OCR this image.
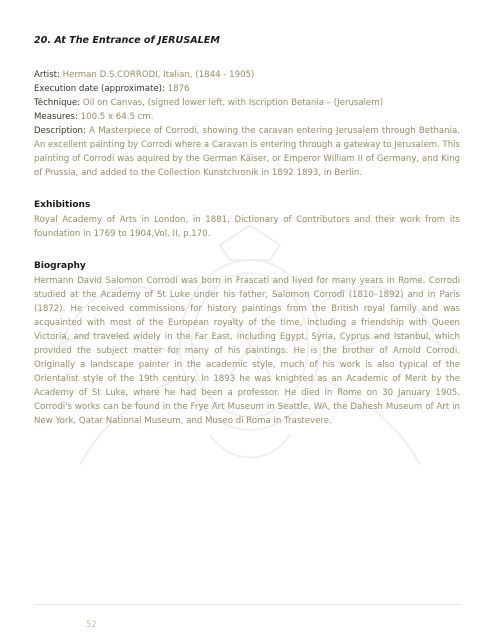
20. At The Entrance of JERUSALEM
Artist: Herman D.S.CORRODI, Italian, (1844 - 1905)
Execution date (approximate): 1876
Téchnique: Oil on Canvas, (signed lower left, with Iscription Betania – (Jerusalem)
Measures: 100.5 x 64.5 cm.

Description: A Masterpiece of Corrodi, showing the caravan entering Jerusalem through Bethania. An excellent painting by Corrodi where a Caravan is entering through a gateway to Jerusalem. This painting of Corrodi was aquired by the German Käiser, or Emperor William II of Germany, and King of Prussia, and added to the Collection Kunstchronik in 1892 1893, in Berlin.

Exhibitions

Royal Academy of Arts in London, in 1881, Dictionary of Contributors and their work from its foundation in 1769 to 1904,Vol. II, p.170.

Biography

Hermann David Salomon Corrodi was born in Frascati and lived for many years in Rome. Corrodi studied at the Academy of St Luke under his father, Salomon Corrodi (1810–1892) and in Paris (1872). He received commissions for history paintings from the British royal family and was acquainted with most of the European royalty of the time, including a friendship with Queen Victoria, and traveled widely in the Far East, including Egypt, Syria, Cyprus and Istanbul, which provided the subject matter for many of his paintings. He is the brother of Arnold Corrodi. Originally a landscape painter in the academic style, much of his work is also typical of the Orientalist style of the 19th century. In 1893 he was knighted as an Academic of Merit by the Academy of St Luke, where he had been a professor. He died in Rome on 30 January 1905. Corrodi's works can be found in the Frye Art Museum in Seattle, WA, the Dahesh Museum of Art in New York, Qatar National Museum, and Museo di Roma in Trastevere.

52
